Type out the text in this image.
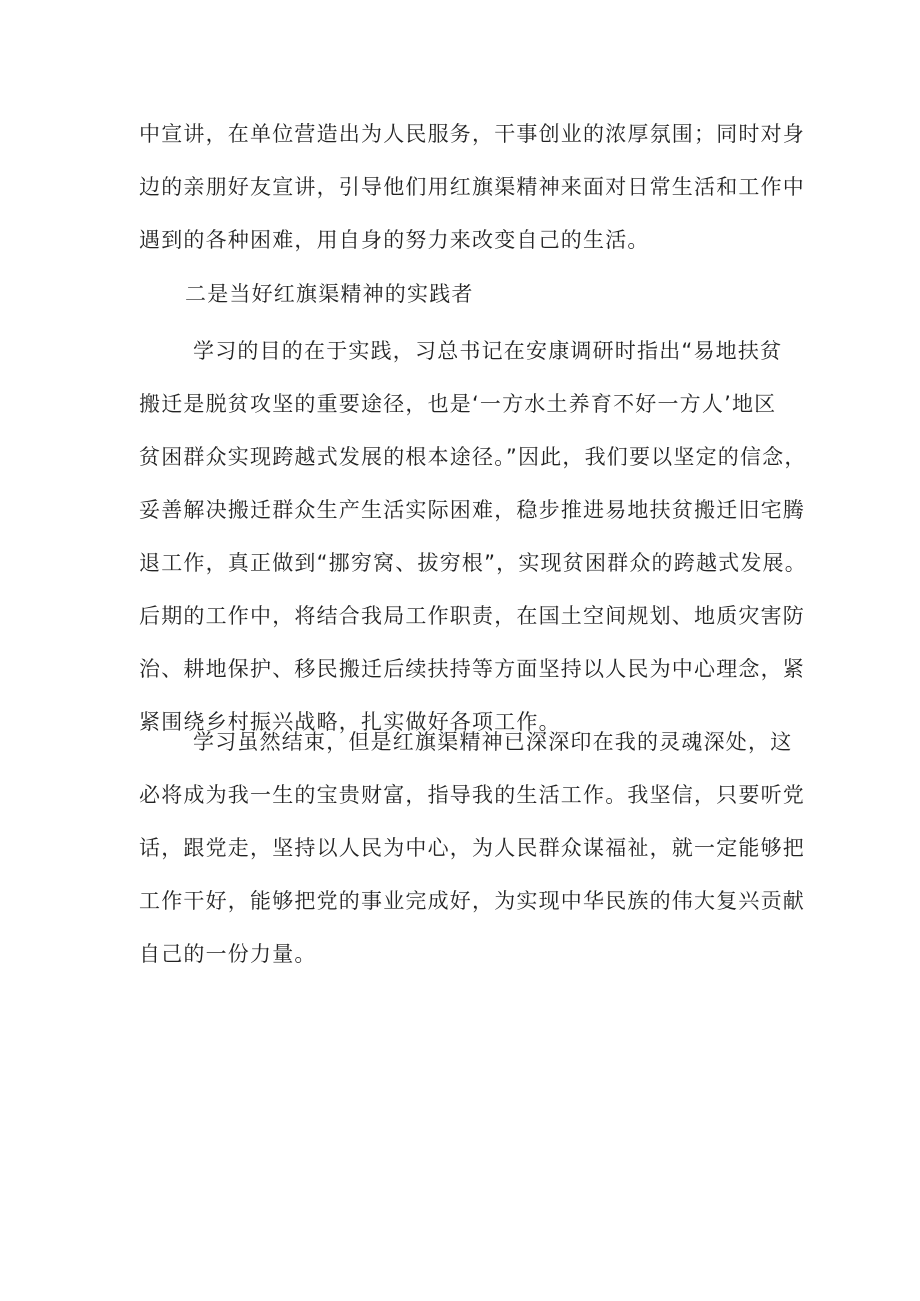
中宣讲，在单位营造出为人民服务，干事创业的浓厚氛围；同时对身
边的亲朋好友宣讲，引导他们用红旗渠精神来面对日常生活和工作中
遇到的各种困难，用自身的努力来改变自己的生活。
二是当好红旗渠精神的实践者
学习的目的在于实践，习总书记在安康调研时指出“易地扶贫
搬迁是脱贫攻坚的重要途径，也是‘一方水土养育不好一方人’地区
贫困群众实现跨越式发展的根本途径。”因此，我们要以坚定的信念，
妥善解决搬迁群众生产生活实际困难，稳步推进易地扶贫搬迁旧宅腾
退工作，真正做到“挪穷窝、拔穷根”，实现贫困群众的跨越式发展。
后期的工作中，将结合我局工作职责，在国土空间规划、地质灾害防
治、耕地保护、移民搬迁后续扶持等方面坚持以人民为中心理念，紧
紧围绕乡村振兴战略，扎实做好各项工作。
学习虽然结束，但是红旗渠精神已深深印在我的灵魂深处，这
必将成为我一生的宝贵财富，指导我的生活工作。我坚信，只要听党
话，跟党走，坚持以人民为中心，为人民群众谋福祉，就一定能够把
工作干好，能够把党的事业完成好，为实现中华民族的伟大复兴贡献
自己的一份力量。
